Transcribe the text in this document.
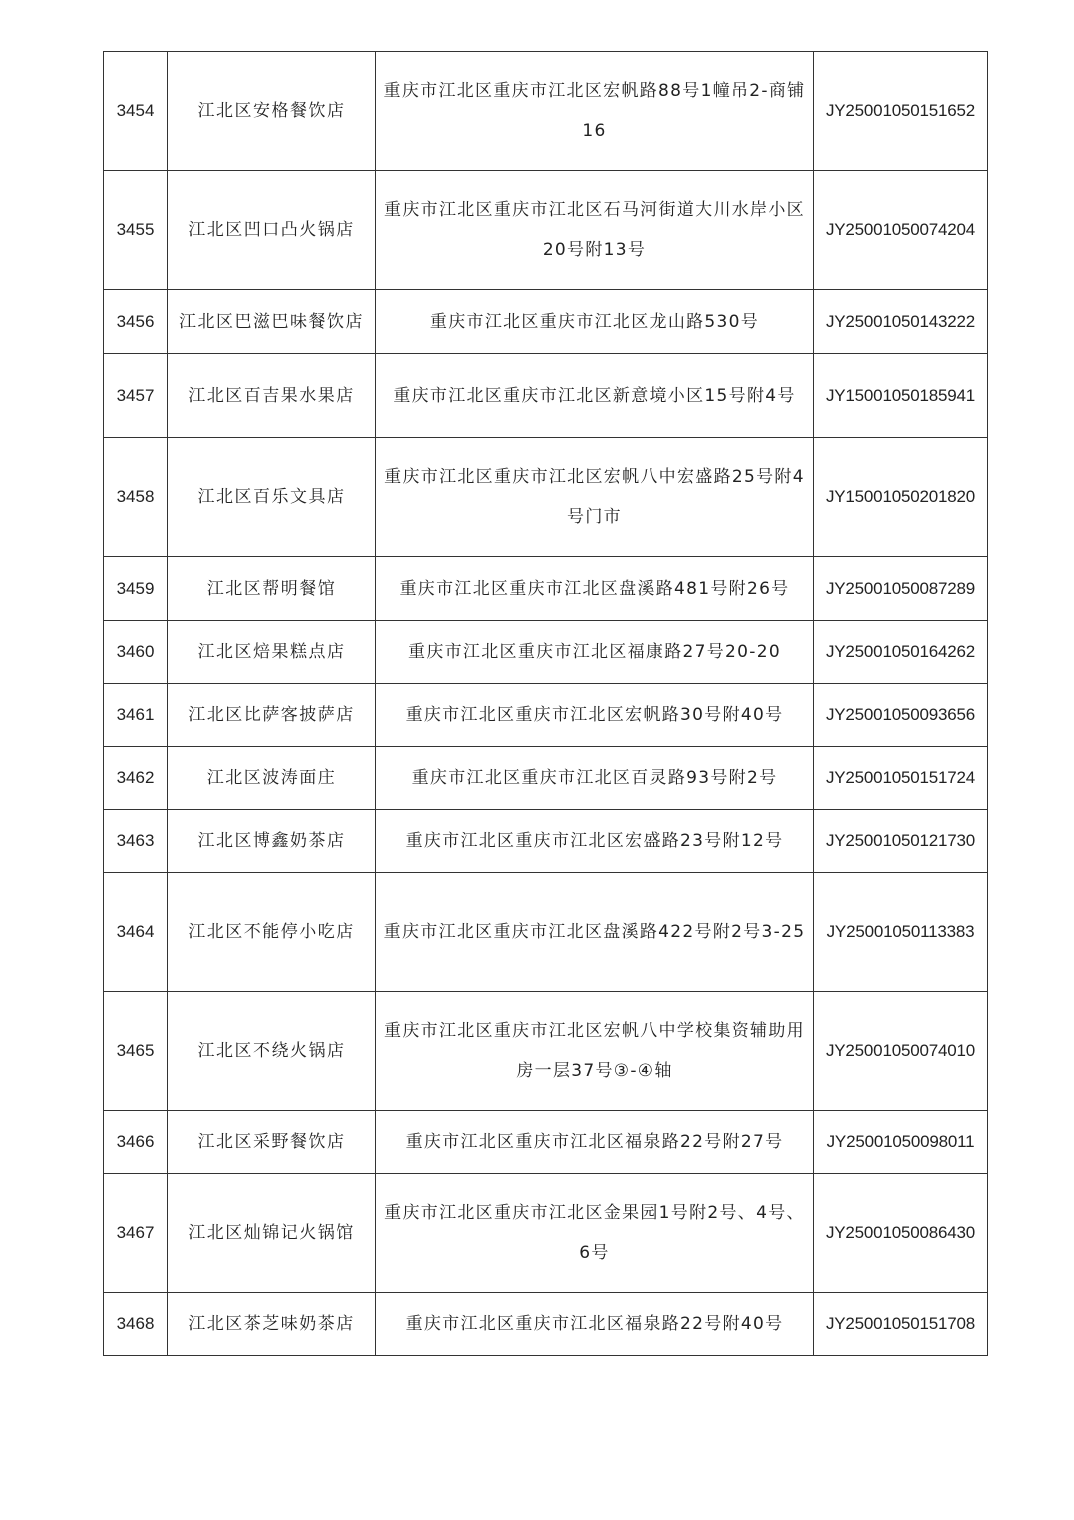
3454	江北区安格餐饮店	重庆市江北区重庆市江北区宏帆路88号1幢吊2-商铺16	JY25001050151652
3455	江北区凹口凸火锅店	重庆市江北区重庆市江北区石马河街道大川水岸小区20号附13号	JY25001050074204
3456	江北区巴滋巴味餐饮店	重庆市江北区重庆市江北区龙山路530号	JY25001050143222
3457	江北区百吉果水果店	重庆市江北区重庆市江北区新意境小区15号附4号	JY15001050185941
3458	江北区百乐文具店	重庆市江北区重庆市江北区宏帆八中宏盛路25号附4号门市	JY15001050201820
3459	江北区帮明餐馆	重庆市江北区重庆市江北区盘溪路481号附26号	JY25001050087289
3460	江北区焙果糕点店	重庆市江北区重庆市江北区福康路27号20-20	JY25001050164262
3461	江北区比萨客披萨店	重庆市江北区重庆市江北区宏帆路30号附40号	JY25001050093656
3462	江北区波涛面庄	重庆市江北区重庆市江北区百灵路93号附2号	JY25001050151724
3463	江北区博鑫奶茶店	重庆市江北区重庆市江北区宏盛路23号附12号	JY25001050121730
3464	江北区不能停小吃店	重庆市江北区重庆市江北区盘溪路422号附2号3-25	JY25001050113383
3465	江北区不绕火锅店	重庆市江北区重庆市江北区宏帆八中学校集资辅助用房一层37号③-④轴	JY25001050074010
3466	江北区采野餐饮店	重庆市江北区重庆市江北区福泉路22号附27号	JY25001050098011
3467	江北区灿锦记火锅馆	重庆市江北区重庆市江北区金果园1号附2号、4号、6号	JY25001050086430
3468	江北区茶芝味奶茶店	重庆市江北区重庆市江北区福泉路22号附40号	JY25001050151708
